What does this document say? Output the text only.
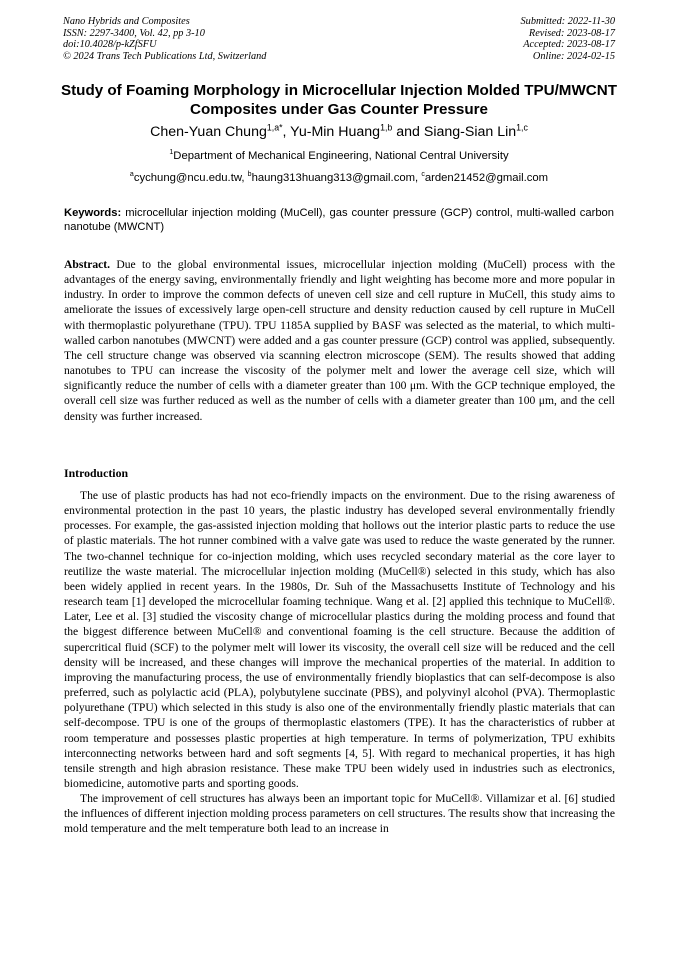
Nano Hybrids and Composites
ISSN: 2297-3400, Vol. 42, pp 3-10
doi:10.4028/p-kZfSFU
© 2024 Trans Tech Publications Ltd, Switzerland
Submitted: 2022-11-30
Revised: 2023-08-17
Accepted: 2023-08-17
Online: 2024-02-15
Study of Foaming Morphology in Microcellular Injection Molded TPU/MWCNT Composites under Gas Counter Pressure
Chen-Yuan Chung$^{1,a*}$, Yu-Min Huang$^{1,b}$ and Siang-Sian Lin$^{1,c}$
$^1$Department of Mechanical Engineering, National Central University
$^a$cychung@ncu.edu.tw, $^b$haung313huang313@gmail.com, $^c$arden21452@gmail.com
Keywords: microcellular injection molding (MuCell), gas counter pressure (GCP) control, multi-walled carbon nanotube (MWCNT)
Abstract. Due to the global environmental issues, microcellular injection molding (MuCell) process with the advantages of the energy saving, environmentally friendly and light weighting has become more and more popular in industry. In order to improve the common defects of uneven cell size and cell rupture in MuCell, this study aims to ameliorate the issues of excessively large open-cell structure and density reduction caused by cell rupture in MuCell with thermoplastic polyurethane (TPU). TPU 1185A supplied by BASF was selected as the material, to which multi-walled carbon nanotubes (MWCNT) were added and a gas counter pressure (GCP) control was applied, subsequently. The cell structure change was observed via scanning electron microscope (SEM). The results showed that adding nanotubes to TPU can increase the viscosity of the polymer melt and lower the average cell size, which will significantly reduce the number of cells with a diameter greater than 100 μm. With the GCP technique employed, the overall cell size was further reduced as well as the number of cells with a diameter greater than 100 μm, and the cell density was further increased.
Introduction

The use of plastic products has had not eco-friendly impacts on the environment. Due to the rising awareness of environmental protection in the past 10 years, the plastic industry has developed several environmentally friendly processes. For example, the gas-assisted injection molding that hollows out the interior plastic parts to reduce the use of plastic materials. The hot runner combined with a valve gate was used to reduce the waste generated by the runner. The two-channel technique for co-injection molding, which uses recycled secondary material as the core layer to reutilize the waste material. The microcellular injection molding (MuCell®) selected in this study, which has also been widely applied in recent years. In the 1980s, Dr. Suh of the Massachusetts Institute of Technology and his research team [1] developed the microcellular foaming technique. Wang et al. [2] applied this technique to MuCell®. Later, Lee et al. [3] studied the viscosity change of microcellular plastics during the molding process and found that the biggest difference between MuCell® and conventional foaming is the cell structure. Because the addition of supercritical fluid (SCF) to the polymer melt will lower its viscosity, the overall cell size will be reduced and the cell density will be increased, and these changes will improve the mechanical properties of the material. In addition to improving the manufacturing process, the use of environmentally friendly bioplastics that can self-decompose is also preferred, such as polylactic acid (PLA), polybutylene succinate (PBS), and polyvinyl alcohol (PVA). Thermoplastic polyurethane (TPU) which selected in this study is also one of the environmentally friendly plastic materials that can self-decompose. TPU is one of the groups of thermoplastic elastomers (TPE). It has the characteristics of rubber at room temperature and possesses plastic properties at high temperature. In terms of polymerization, TPU exhibits interconnecting networks between hard and soft segments [4, 5]. With regard to mechanical properties, it has high tensile strength and high abrasion resistance. These make TPU been widely used in industries such as electronics, biomedicine, automotive parts and sporting goods.

The improvement of cell structures has always been an important topic for MuCell®. Villamizar et al. [6] studied the influences of different injection molding process parameters on cell structures. The results show that increasing the mold temperature and the melt temperature both lead to an increase in
